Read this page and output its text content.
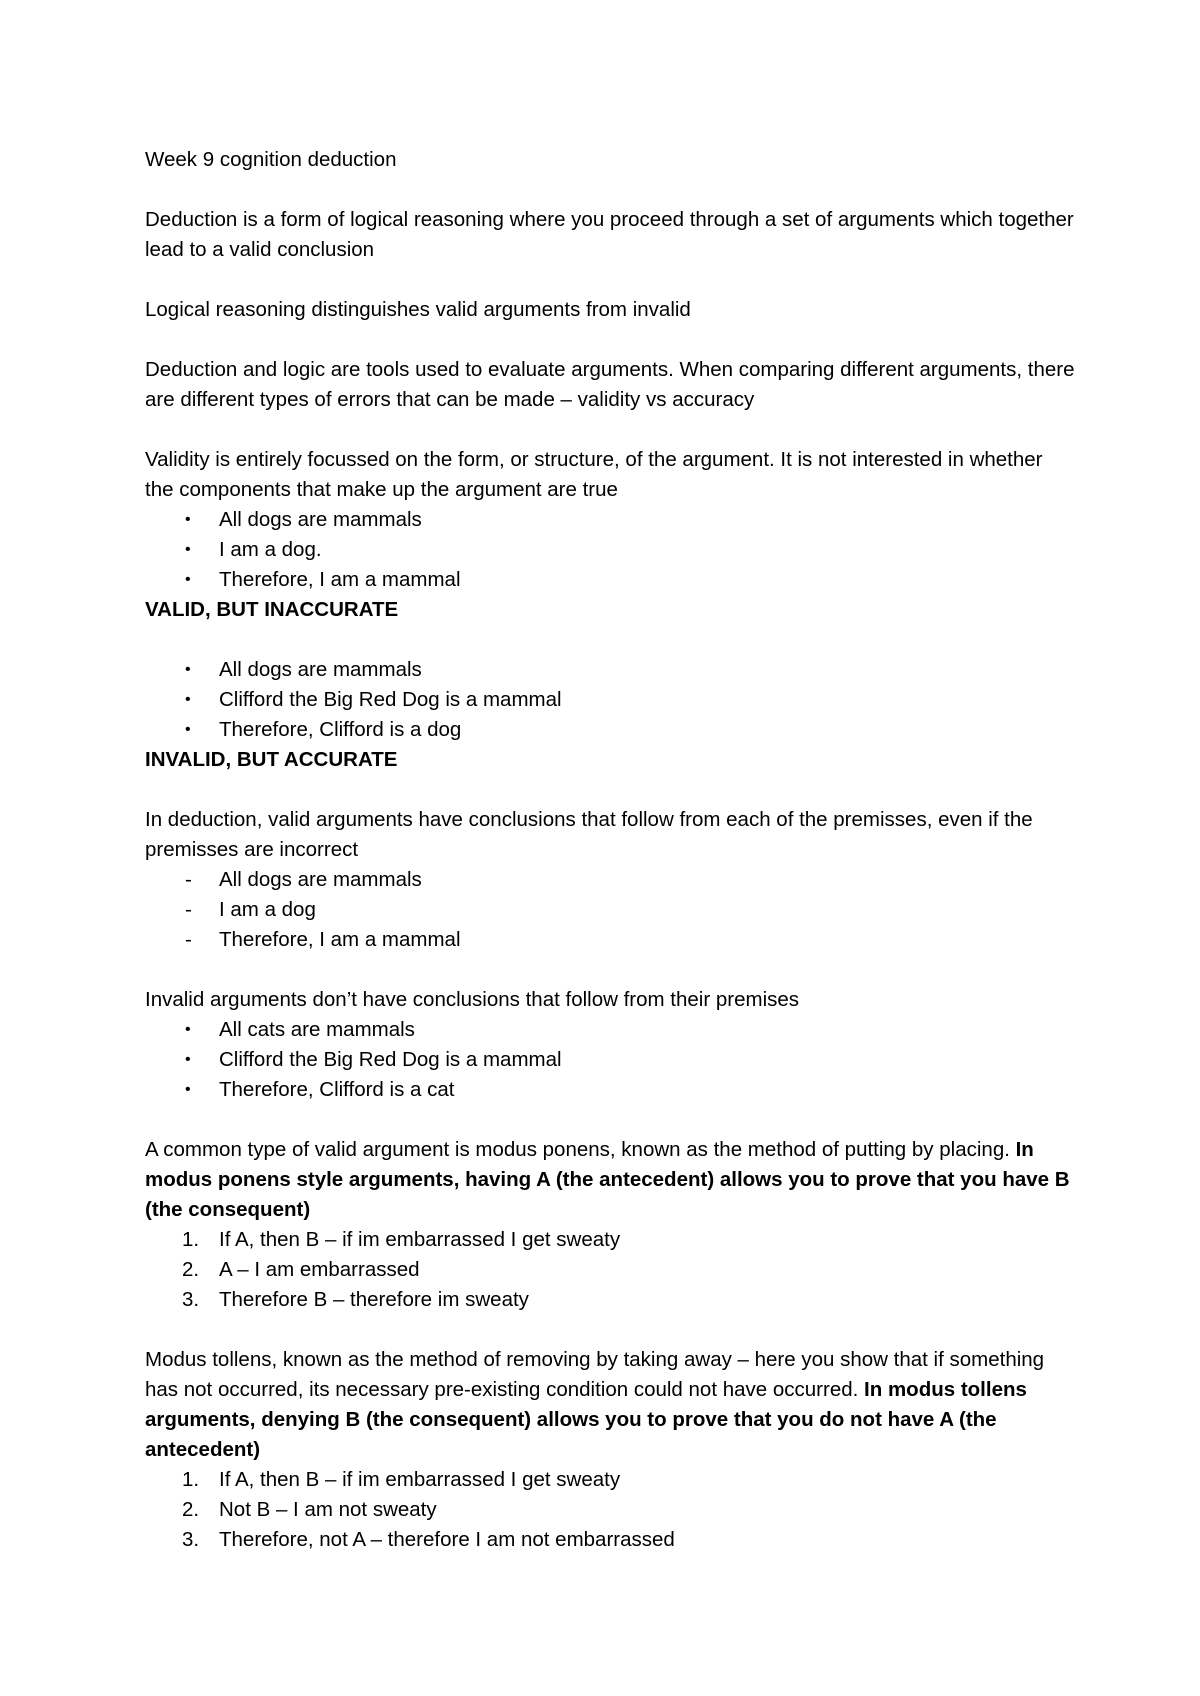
Week 9 cognition deduction

Deduction is a form of logical reasoning where you proceed through a set of arguments which together lead to a valid conclusion

Logical reasoning distinguishes valid arguments from invalid

Deduction and logic are tools used to evaluate arguments. When comparing different arguments, there are different types of errors that can be made – validity vs accuracy

Validity is entirely focussed on the form, or structure, of the argument. It is not interested in whether the components that make up the argument are true

•	All dogs are mammals
•	I am a dog.
•	Therefore, I am a mammal
VALID, BUT INACCURATE
•	All dogs are mammals
•	Clifford the Big Red Dog is a mammal
•	Therefore, Clifford is a dog
INVALID, BUT ACCURATE

In deduction, valid arguments have conclusions that follow from each of the premisses, even if the premisses are incorrect

-	All dogs are mammals
-	I am a dog
-	Therefore, I am a mammal

Invalid arguments don’t have conclusions that follow from their premises

•	All cats are mammals
•	Clifford the Big Red Dog is a mammal
•	Therefore, Clifford is a cat

A common type of valid argument is modus ponens, known as the method of putting by placing. In modus ponens style arguments, having A (the antecedent) allows you to prove that you have B (the consequent)

1. If A, then B – if im embarrassed I get sweaty
2. A – I am embarrassed
3. Therefore B – therefore im sweaty

Modus tollens, known as the method of removing by taking away – here you show that if something has not occurred, its necessary pre-existing condition could not have occurred. In modus tollens arguments, denying B (the consequent) allows you to prove that you do not have A (the antecedent)

1. If A, then B – if im embarrassed I get sweaty
2. Not B – I am not sweaty
3. Therefore, not A – therefore I am not embarrassed
